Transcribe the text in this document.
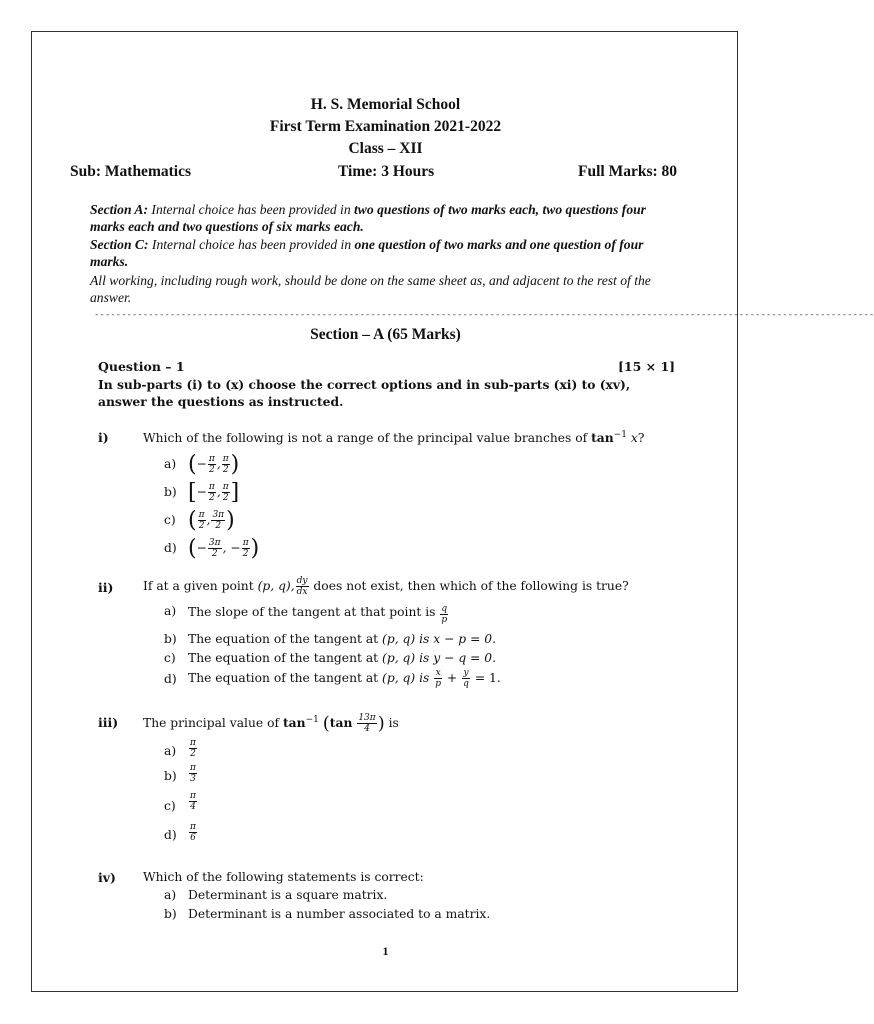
H. S. Memorial School
First Term Examination 2021-2022
Class – XII
Sub: Mathematics	Time: 3 Hours	Full Marks: 80
Section A: Internal choice has been provided in two questions of two marks each, two questions four marks each and two questions of six marks each.
Section C: Internal choice has been provided in one question of two marks and one question of four marks.
All working, including rough work, should be done on the same sheet as, and adjacent to the rest of the answer.
------------------------------------------------------------------------------------------------------------------------------------------------
Section – A (65 Marks)
Question – 1	[15 × 1]
In sub-parts (i) to (x) choose the correct options and in sub-parts (xi) to (xv), answer the questions as instructed.
i)	Which of the following is not a range of the principal value branches of $\tan^{-1} x$?
a) (− $\frac{\pi}{2}$ , $\frac{\pi}{2}$ )
b) [− $\frac{\pi}{2}$ , $\frac{\pi}{2}$ ]
c) ( $\frac{\pi}{2}$ , $\frac{3\pi}{2}$ )
d) (− $\frac{3\pi}{2}$ , − $\frac{\pi}{2}$ )
ii) If at a given point (p, q), $\frac{dy}{dx}$ does not exist, then which of the following is true?
a) The slope of the tangent at that point is $\frac{q}{p}$
b) The equation of the tangent at (p, q) is x − p = 0.
c) The equation of the tangent at (p, q) is y − q = 0.
d) The equation of the tangent at (p, q) is $\frac{x}{p} + \frac{y}{q} = 1$.
iii) The principal value of $\tan^{-1} (\tan \frac{13\pi}{4}$ ) is
$a) \frac{\pi}{2}$
$b) \frac{\pi}{3}$
$c) \frac{\pi}{4}$
$d) \frac{\pi}{6}$
iv) Which of the following statements is correct:
a) Determinant is a square matrix.
b) Determinant is a number associated to a matrix.
1
